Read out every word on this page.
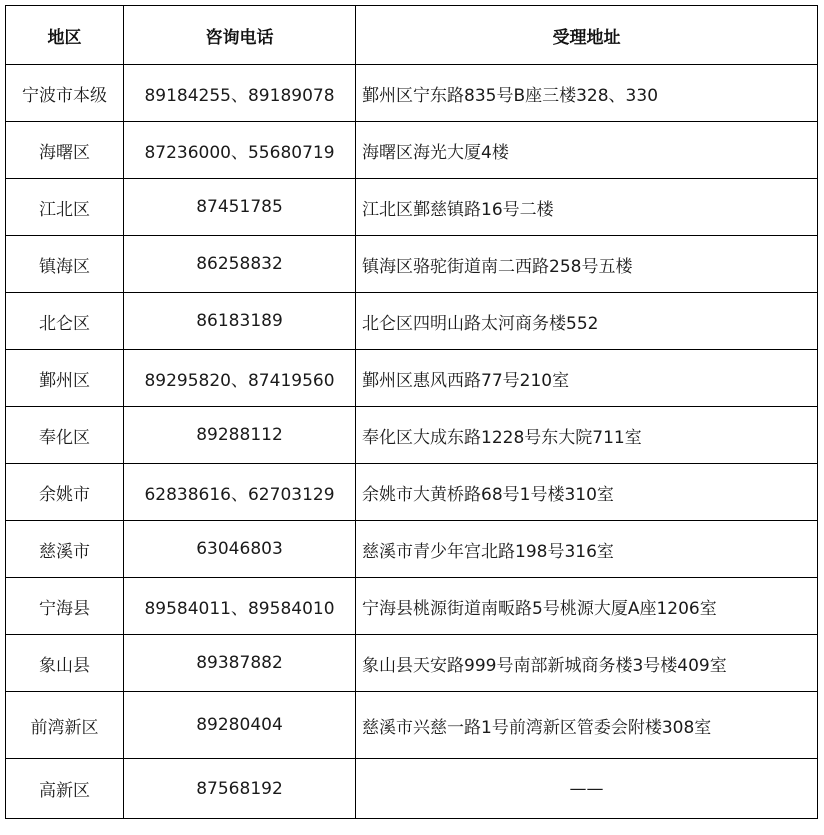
地区	咨询电话	受理地址
宁波市本级	89184255、89189078	鄞州区宁东路835号B座三楼328、330
海曙区	87236000、55680719	海曙区海光大厦4楼
江北区	87451785	江北区鄞慈镇路16号二楼
镇海区	86258832	镇海区骆驼街道南二西路258号五楼
北仑区	86183189	北仑区四明山路太河商务楼552
鄞州区	89295820、87419560	鄞州区惠风西路77号210室
奉化区	89288112	奉化区大成东路1228号东大院711室
余姚市	62838616、62703129	余姚市大黄桥路68号1号楼310室
慈溪市	63046803	慈溪市青少年宫北路198号316室
宁海县	89584011、89584010	宁海县桃源街道南畈路5号桃源大厦A座1206室
象山县	89387882	象山县天安路999号南部新城商务楼3号楼409室
前湾新区	89280404	慈溪市兴慈一路1号前湾新区管委会附楼308室
高新区	87568192	——
